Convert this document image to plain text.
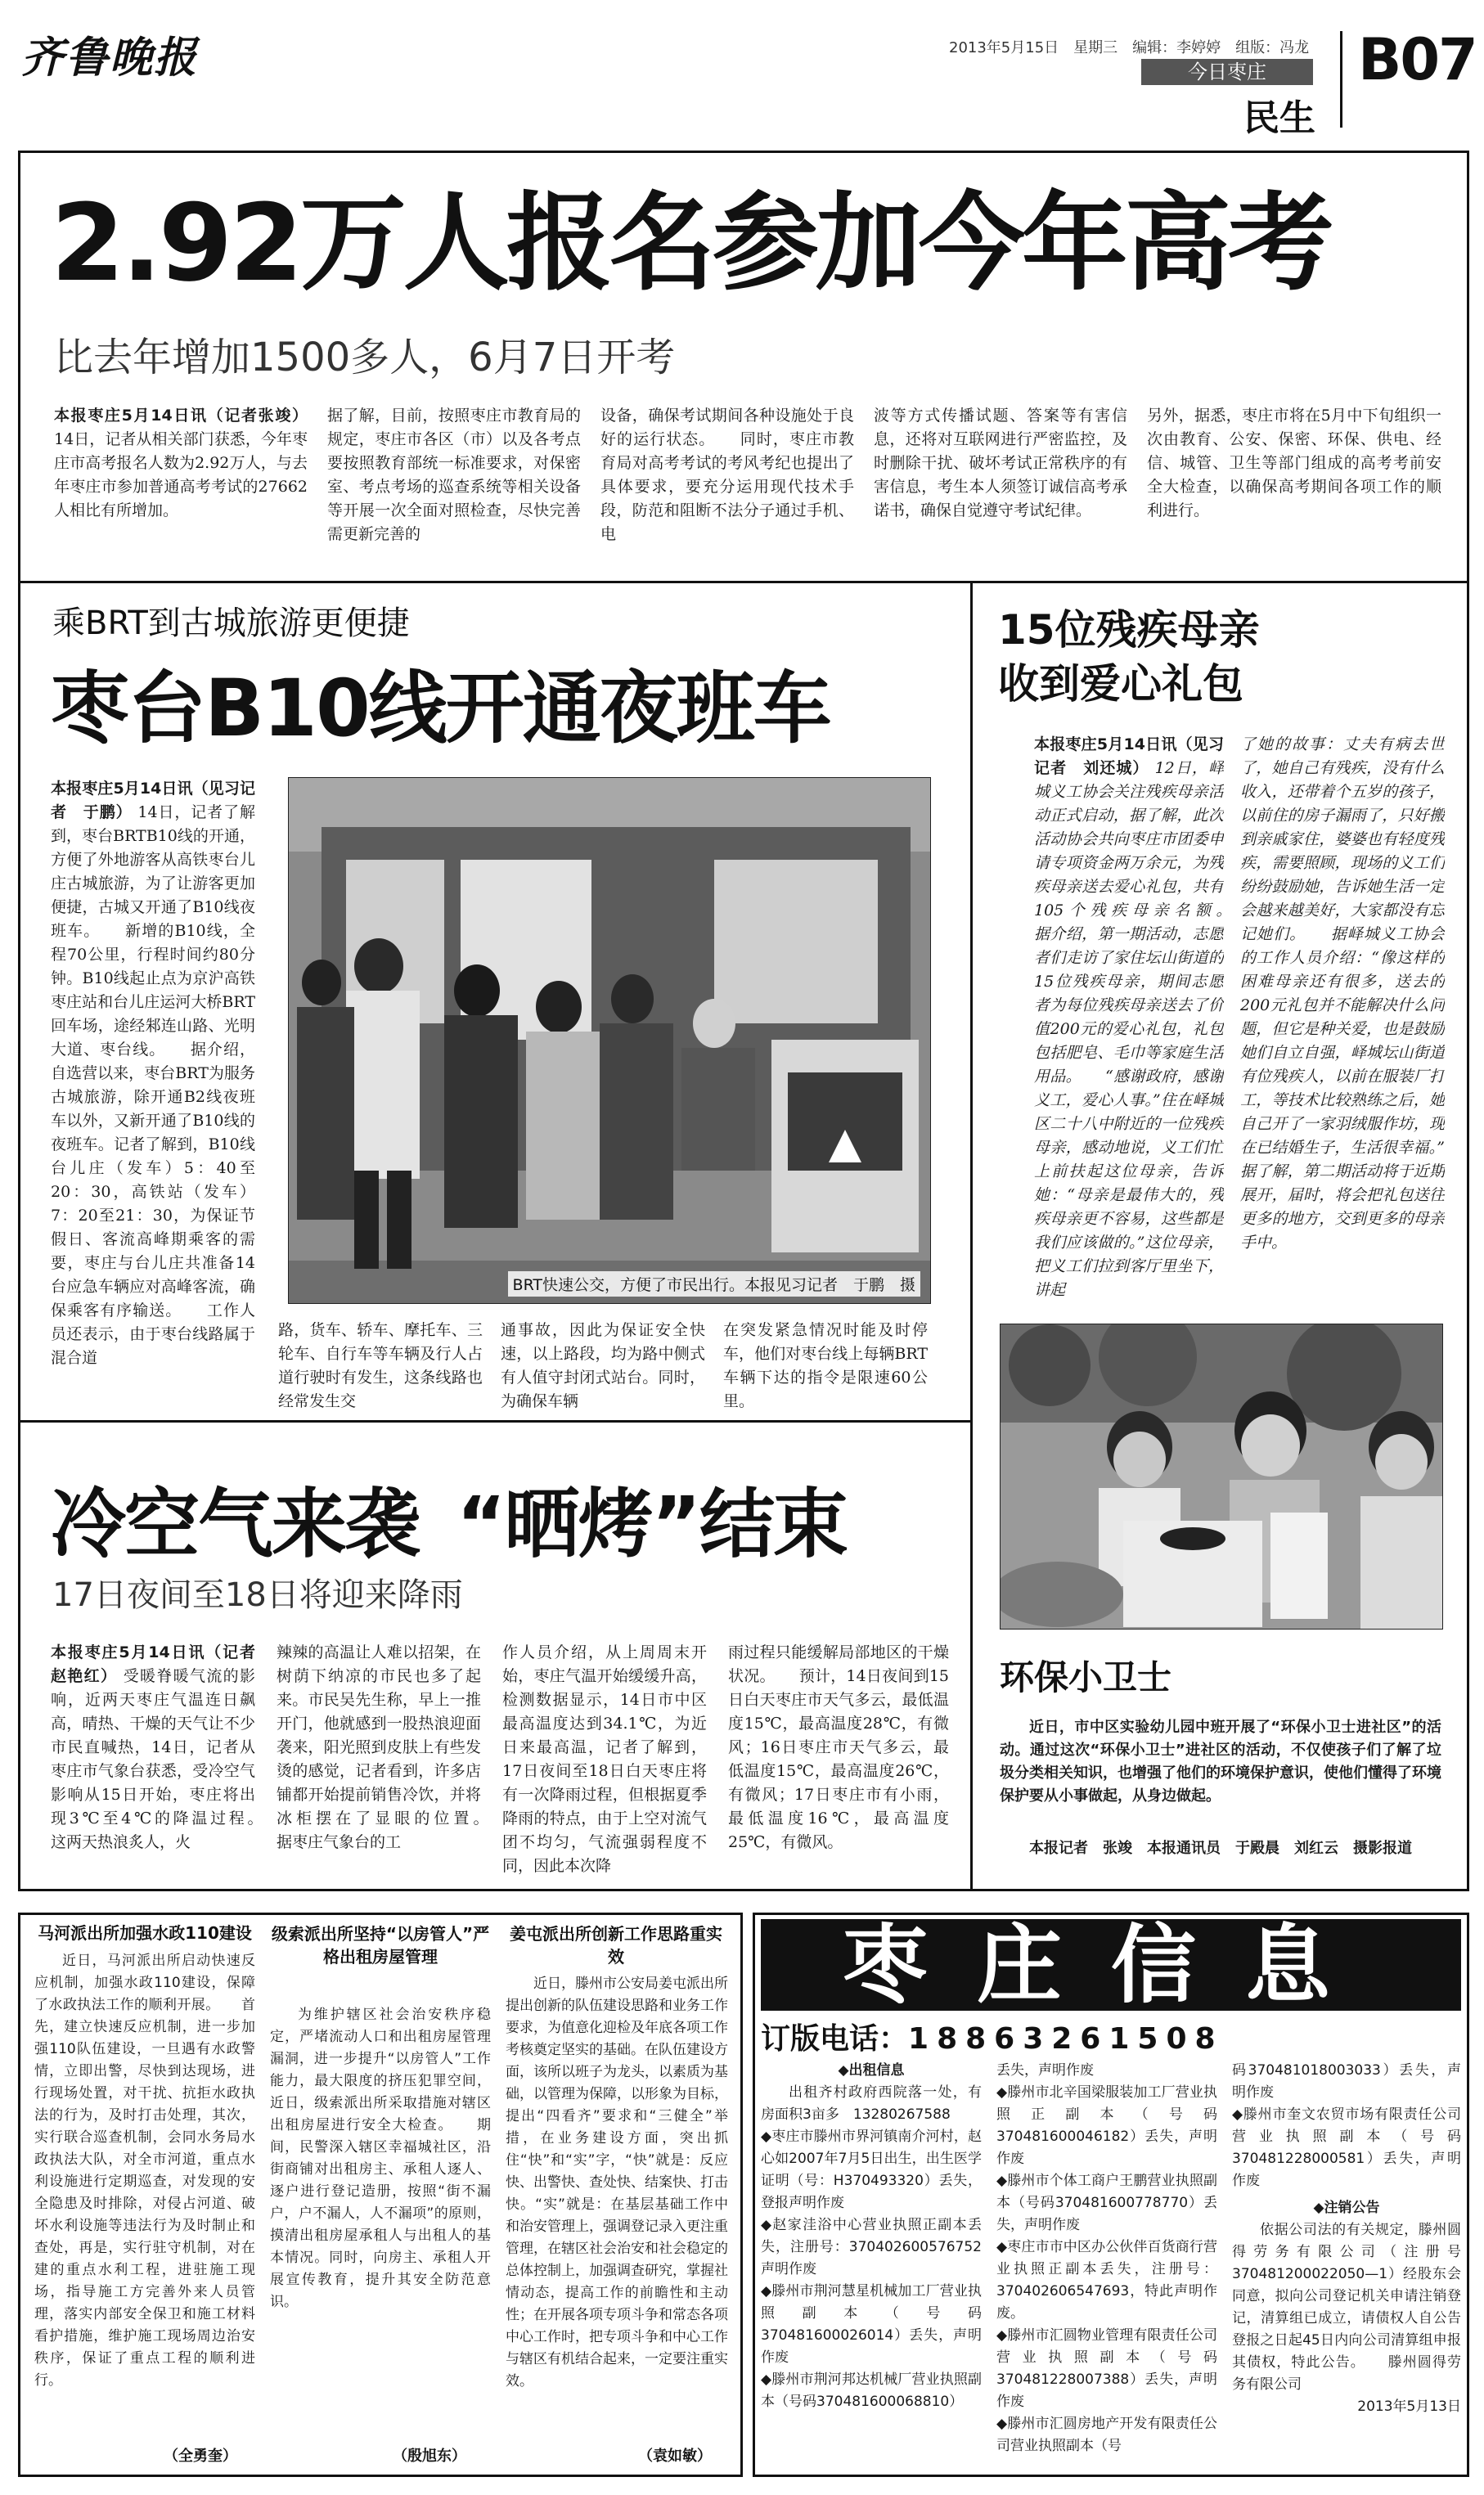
齐鲁晚报	2013年5月15日　星期三　编辑：李婷婷　组版：冯龙
今日枣庄
民生
B07
2.92万人报名参加今年高考
比去年增加1500多人，6月7日开考
本报枣庄5月14日讯（记者张竣） 14日，记者从相关部门获悉，今年枣庄市高考报名人数为2.92万人，与去年枣庄市参加普通高考考试的27662人相比有所增加。
据了解，目前，按照枣庄市教育局的规定，枣庄市各区（市）以及各考点要按照教育部统一标准要求，对保密室、考点考场的巡查系统等相关设备等开展一次全面对照检查，尽快完善需更新完善的
设备，确保考试期间各种设施处于良好的运行状态。　　同时，枣庄市教育局对高考考试的考风考纪也提出了具体要求，要充分运用现代技术手段，防范和阻断不法分子通过手机、电
波等方式传播试题、答案等有害信息，还将对互联网进行严密监控，及时删除干扰、破坏考试正常秩序的有害信息，考生本人须签订诚信高考承诺书，确保自觉遵守考试纪律。
另外，据悉，枣庄市将在5月中下旬组织一次由教育、公安、保密、环保、供电、经信、城管、卫生等部门组成的高考考前安全大检查，以确保高考期间各项工作的顺利进行。
乘BRT到古城旅游更便捷
枣台B10线开通夜班车
本报枣庄5月14日讯（见习记者　于鹏） 14日，记者了解到，枣台BRTB10线的开通，方便了外地游客从高铁枣台儿庄古城旅游，为了让游客更加便捷，古城又开通了B10线夜班车。　　新增的B10线，全程70公里，行程时间约80分钟。B10线起止点为京沪高铁枣庄站和台儿庄运河大桥BRT回车场，途经邾连山路、光明大道、枣台线。　　据介绍，自选营以来，枣台BRT为服务古城旅游，除开通B2线夜班车以外，又新开通了B10线的夜班车。记者了解到，B10线台儿庄（发车）5：40至20：30，高铁站（发车）7：20至21：30，为保证节假日、客流高峰期乘客的需要，枣庄与台儿庄共准备14台应急车辆应对高峰客流，确保乘客有序输送。　　工作人员还表示，由于枣台线路属于混合道
BRT快速公交，方便了市民出行。本报见习记者　于鹏　摄
路，货车、轿车、摩托车、三轮车、自行车等车辆及行人占道行驶时有发生，这条线路也经常发生交
通事故，因此为保证安全快速，以上路段，均为路中侧式有人值守封闭式站台。同时，为确保车辆
在突发紧急情况时能及时停车，他们对枣台线上每辆BRT车辆下达的指令是限速60公里。
15位残疾母亲
收到爱心礼包
本报枣庄5月14日讯（见习记者　刘还城） 12日，峄城义工协会关注残疾母亲活动正式启动，据了解，此次活动协会共向枣庄市团委申请专项资金两万余元，为残疾母亲送去爱心礼包，共有105个残疾母亲名额。　　据介绍，第一期活动，志愿者们走访了家住坛山街道的15位残疾母亲，期间志愿者为每位残疾母亲送去了价值200元的爱心礼包，礼包包括肥皂、毛巾等家庭生活用品。　　“感谢政府，感谢义工，爱心人事。”住在峄城区二十八中附近的一位残疾母亲，感动地说，义工们忙上前扶起这位母亲，告诉她：“母亲是最伟大的，残疾母亲更不容易，这些都是我们应该做的。”这位母亲，把义工们拉到客厅里坐下，讲起
了她的故事：丈夫有病去世了，她自己有残疾，没有什么收入，还带着个五岁的孩子，以前住的房子漏雨了，只好搬到亲戚家住，婆婆也有轻度残疾，需要照顾，现场的义工们纷纷鼓励她，告诉她生活一定会越来越美好，大家都没有忘记她们。　　据峄城义工协会的工作人员介绍：“像这样的困难母亲还有很多，送去的200元礼包并不能解决什么问题，但它是种关爱，也是鼓励她们自立自强，峄城坛山街道有位残疾人，以前在服装厂打工，等技术比较熟练之后，她自己开了一家羽绒服作坊，现在已结婚生子，生活很幸福。”　　据了解，第二期活动将于近期展开，届时，将会把礼包送往更多的地方，交到更多的母亲手中。
环保小卫士
近日，市中区实验幼儿园中班开展了“环保小卫士进社区”的活动。通过这次“环保小卫士”进社区的活动，不仅使孩子们了解了垃圾分类相关知识，也增强了他们的环境保护意识，使他们懂得了环境保护要从小事做起，从身边做起。
本报记者　张竣　本报通讯员　于殿晨　刘红云　摄影报道
冷空气来袭 “晒烤”结束
17日夜间至18日将迎来降雨
本报枣庄5月14日讯（记者　赵艳红） 受暖脊暖气流的影响，近两天枣庄气温连日飙高，晴热、干燥的天气让不少市民直喊热，14日，记者从枣庄市气象台获悉，受冷空气影响从15日开始，枣庄将出现3℃至4℃的降温过程。　　这两天热浪炙人，火
辣辣的高温让人难以招架，在树荫下纳凉的市民也多了起来。市民吴先生称，早上一推开门，他就感到一股热浪迎面袭来，阳光照到皮肤上有些发烫的感觉，记者看到，许多店铺都开始提前销售冷饮，并将冰柜摆在了显眼的位置。　　据枣庄气象台的工
作人员介绍，从上周周末开始，枣庄气温开始缓缓升高，检测数据显示，14日市中区最高温度达到34.1℃，为近日来最高温，记者了解到，17日夜间至18日白天枣庄将有一次降雨过程，但根据夏季降雨的特点，由于上空对流气团不均匀，气流强弱程度不同，因此本次降
雨过程只能缓解局部地区的干燥状况。　　预计，14日夜间到15日白天枣庄市天气多云，最低温度15℃，最高温度28℃，有微风；16日枣庄市天气多云，最低温度15℃，最高温度26℃，有微风；17日枣庄市有小雨，最低温度16℃，最高温度25℃，有微风。
马河派出所加强水政110建设
近日，马河派出所启动快速反应机制，加强水政110建设，保障了水政执法工作的顺利开展。　　首先，建立快速反应机制，进一步加强110队伍建设，一旦遇有水政警情，立即出警，尽快到达现场，进行现场处置，对干扰、抗拒水政执法的行为，及时打击处理，其次，实行联合巡查机制，会同水务局水政执法大队，对全市河道，重点水利设施进行定期巡查，对发现的安全隐患及时排除，对侵占河道、破坏水利设施等违法行为及时制止和查处，再是，实行驻守机制，对在建的重点水利工程，进驻施工现场，指导施工方完善外来人员管理，落实内部安全保卫和施工材料看护措施，维护施工现场周边治安秩序，保证了重点工程的顺利进行。
（全勇奎）
级索派出所坚持“以房管人”严格出租房屋管理
为维护辖区社会治安秩序稳定，严堵流动人口和出租房屋管理漏洞，进一步提升“以房管人”工作能力，最大限度的挤压犯罪空间，近日，级索派出所采取措施对辖区出租房屋进行安全大检查。　　期间，民警深入辖区幸福城社区，沿街商铺对出租房主、承租人逐人、逐户进行登记造册，按照“街不漏户，户不漏人，人不漏项”的原则，摸清出租房屋承租人与出租人的基本情况。同时，向房主、承租人开展宣传教育，提升其安全防范意识。
（殷旭东）
姜屯派出所创新工作思路重实效
近日，滕州市公安局姜屯派出所提出创新的队伍建设思路和业务工作要求，为值意化迎检及年底各项工作考核奠定坚实的基础。在队伍建设方面，该所以班子为龙头，以素质为基础，以管理为保障，以形象为目标，提出“四看齐”要求和“三健全”举措，在业务建设方面，突出抓住“快”和“实”字，“快”就是：反应快、出警快、查处快、结案快、打击快。“实”就是：在基层基础工作中和治安管理上，强调登记录入更注重管理，在辖区社会治安和社会稳定的总体控制上，加强调查研究，掌握社情动态，提高工作的前瞻性和主动性；在开展各项专项斗争和常态各项中心工作时，把专项斗争和中心工作与辖区有机结合起来，一定要注重实效。
（袁如敏）
枣庄信息
订版电话：18863261508
◆出租信息
出租齐村政府西院落一处，有房面积3亩多　13280267588
◆枣庄市滕州市界河镇南介河村，赵心如2007年7月5日出生，出生医学证明（号：H370493320）丢失，登报声明作废
◆赵家洼浴中心营业执照正副本丢失，注册号：370402600576752声明作废
◆滕州市荆河慧星机械加工厂营业执照副本（号码370481600026014）丢失，声明作废
◆滕州市荆河邦达机械厂营业执照副本（号码370481600068810）
丢失，声明作废
◆滕州市北辛国梁服装加工厂营业执照正副本（号码370481600046182）丢失，声明作废
◆滕州市个体工商户王鹏营业执照副本（号码370481600778770）丢失，声明作废
◆枣庄市市中区办公伙伴百货商行营业执照正副本丢失，注册号：370402606547693，特此声明作废。
◆滕州市汇圆物业管理有限责任公司营业执照副本（号码370481228007388）丢失，声明作废
◆滕州市汇圆房地产开发有限责任公司营业执照副本（号
码370481018003033）丢失，声明作废
◆滕州市奎文农贸市场有限责任公司营业执照副本（号码370481228000581）丢失，声明作废
◆注销公告
依据公司法的有关规定，滕州圆得劳务有限公司（注册号370481200022050—1）经股东会同意，拟向公司登记机关申请注销登记，清算组已成立，请债权人自公告登报之日起45日内向公司清算组申报其债权，特此公告。　　滕州圆得劳务有限公司
2013年5月13日
